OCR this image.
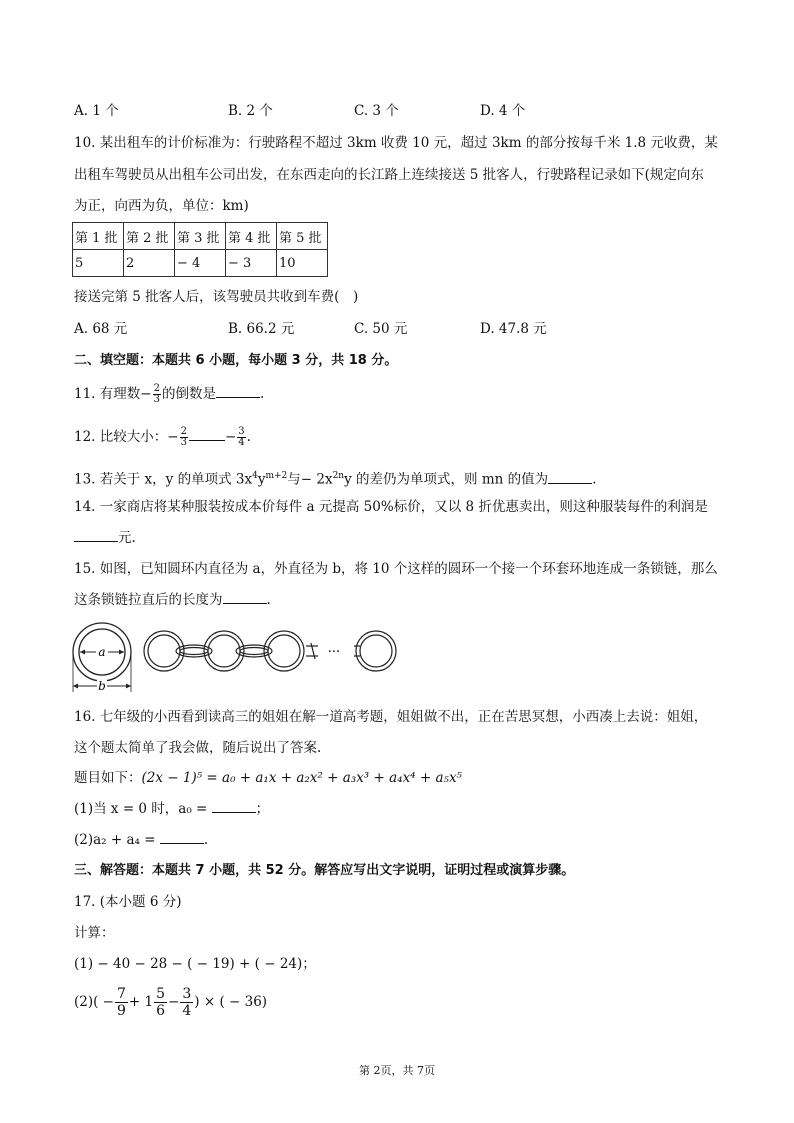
A. 1 个	B. 2 个	C. 3 个	D. 4 个
10. 某出租车的计价标准为：行驶路程不超过 3km 收费 10 元，超过 3km 的部分按每千米 1.8 元收费，某
出租车驾驶员从出租车公司出发，在东西走向的长江路上连续接送 5 批客人，行驶路程记录如下(规定向东
为正，向西为负，单位：km)
第 1 批	第 2 批	第 3 批	第 4 批	第 5 批
5	2	− 4	− 3	10
接送完第 5 批客人后，该驾驶员共收到车费(　)
A. 68 元	B. 66.2 元	C. 50 元	D. 47.8 元
二、填空题：本题共 6 小题，每小题 3 分，共 18 分。
11. 有理数− $\frac{2}{3}$ 的倒数是	.
12. 比较大小：− $\frac{2}{3}$	− $\frac{3}{4}$ .
13. 若关于 x，y 的单项式 $3x^4y^{m+2}$与− $2x^{2n}y$ 的差仍为单项式，则 mn 的值为	.
14. 一家商店将某种服装按成本价每件 a 元提高 50%标价，又以 8 折优惠卖出，则这种服装每件的利润是
元.
15. 如图，已知圆环内直径为 a，外直径为 b，将 10 个这样的圆环一个接一个环套环地连成一条锁链，那么
这条锁链拉直后的长度为	.
a
b
···
16. 七年级的小西看到读高三的姐姐在解一道高考题，姐姐做不出，正在苦思冥想，小西凑上去说：姐姐，
这个题太简单了我会做，随后说出了答案.
题目如下：(2x − 1)⁵ = a₀ + a₁x + a₂x² + a₃x³ + a₄x⁴ + a₅x⁵
(1)当 x = 0 时，a₀ =	；
(2)a₂ + a₄ =	.
三、解答题：本题共 7 小题，共 52 分。解答应写出文字说明，证明过程或演算步骤。
17. (本小题 6 分)
计算：
(1) − 40 − 28 − ( − 19) + ( − 24)；
$(2)( - \frac{7}{9} + 1 \frac{5}{6} - \frac{3}{4}$ ) × ( − 36)
第 2页，共 7页
